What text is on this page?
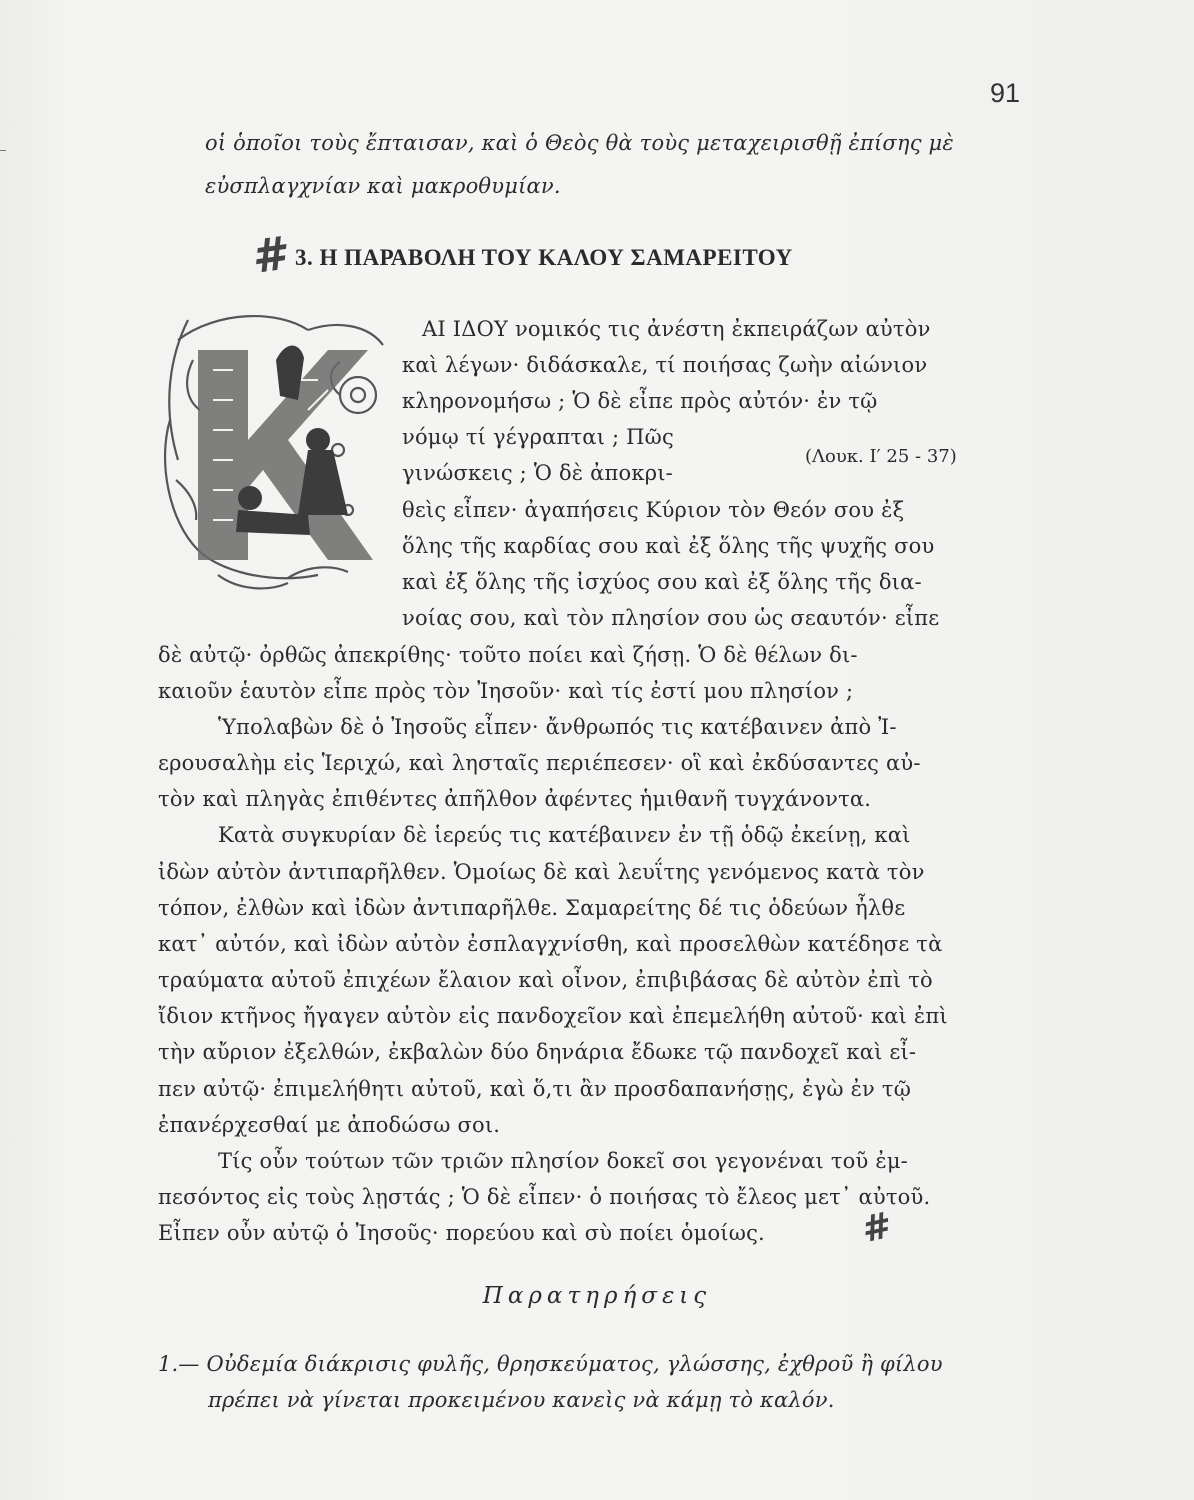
91
οἱ ὁποῖοι τοὺς ἔπταισαν, καὶ ὁ Θεὸς θὰ τοὺς μεταχειρισθῇ ἐπίσης μὲ
εὐσπλαγχνίαν καὶ μακροθυμίαν.
# 3. Η ΠΑΡΑΒΟΛΗ ΤΟΥ ΚΑΛΟΥ ΣΑΜΑΡΕΙΤΟΥ
ΑΙ ΙΔΟΥ νομικός τις ἀνέστη ἐκπειράζων αὐτὸν
καὶ λέγων· διδάσκαλε, τί ποιήσας ζωὴν αἰώνιον
κληρονομήσω ; Ὁ δὲ εἶπε πρὸς αὐτόν· ἐν τῷ
νόμῳ τί γέγραπται ; Πῶς
(Λουκ. Ι′ 25 - 37)
γινώσκεις ; Ὁ δὲ ἀποκρι-
θεὶς εἶπεν· ἀγαπήσεις Κύριον τὸν Θεόν σου ἐξ
ὅλης τῆς καρδίας σου καὶ ἐξ ὅλης τῆς ψυχῆς σου
καὶ ἐξ ὅλης τῆς ἰσχύος σου καὶ ἐξ ὅλης τῆς δια-
νοίας σου, καὶ τὸν πλησίον σου ὡς σεαυτόν· εἶπε
δὲ αὐτῷ· ὀρθῶς ἀπεκρίθης· τοῦτο ποίει καὶ ζήσῃ. Ὁ δὲ θέλων δι-
καιοῦν ἑαυτὸν εἶπε πρὸς τὸν Ἰησοῦν· καὶ τίς ἐστί μου πλησίον ;
Ὑπολαβὼν δὲ ὁ Ἰησοῦς εἶπεν· ἄνθρωπός τις κατέβαινεν ἀπὸ Ἰ-
ερουσαλὴμ εἰς Ἱεριχώ, καὶ λησταῖς περιέπεσεν· οἳ καὶ ἐκδύσαντες αὐ-
τὸν καὶ πληγὰς ἐπιθέντες ἀπῆλθον ἀφέντες ἡμιθανῆ τυγχάνοντα.
Κατὰ συγκυρίαν δὲ ἱερεύς τις κατέβαινεν ἐν τῇ ὁδῷ ἐκείνῃ, καὶ
ἰδὼν αὐτὸν ἀντιπαρῆλθεν. Ὁμοίως δὲ καὶ λευΐτης γενόμενος κατὰ τὸν
τόπον, ἐλθὼν καὶ ἰδὼν ἀντιπαρῆλθε. Σαμαρείτης δέ τις ὁδεύων ἦλθε
κατ᾽ αὐτόν, καὶ ἰδὼν αὐτὸν ἐσπλαγχνίσθη, καὶ προσελθὼν κατέδησε τὰ
τραύματα αὐτοῦ ἐπιχέων ἔλαιον καὶ οἶνον, ἐπιβιβάσας δὲ αὐτὸν ἐπὶ τὸ
ἴδιον κτῆνος ἤγαγεν αὐτὸν εἰς πανδοχεῖον καὶ ἐπεμελήθη αὐτοῦ· καὶ ἐπὶ
τὴν αὔριον ἐξελθών, ἐκβαλὼν δύο δηνάρια ἔδωκε τῷ πανδοχεῖ καὶ εἶ-
πεν αὐτῷ· ἐπιμελήθητι αὐτοῦ, καὶ ὅ,τι ἂν προσδαπανήσῃς, ἐγὼ ἐν τῷ
ἐπανέρχεσθαί με ἀποδώσω σοι.
Τίς οὖν τούτων τῶν τριῶν πλησίον δοκεῖ σοι γεγονέναι τοῦ ἐμ-
πεσόντος εἰς τοὺς λῃστάς ; Ὁ δὲ εἶπεν· ὁ ποιήσας τὸ ἔλεος μετ᾽ αὐτοῦ.
Εἶπεν οὖν αὐτῷ ὁ Ἰησοῦς· πορεύου καὶ σὺ ποίει ὁμοίως.	#
Παρατηρήσεις
1.— Οὐδεμία διάκρισις φυλῆς, θρησκεύματος, γλώσσης, ἐχθροῦ ἢ φίλου
πρέπει νὰ γίνεται προκειμένου κανεὶς νὰ κάμῃ τὸ καλόν.
